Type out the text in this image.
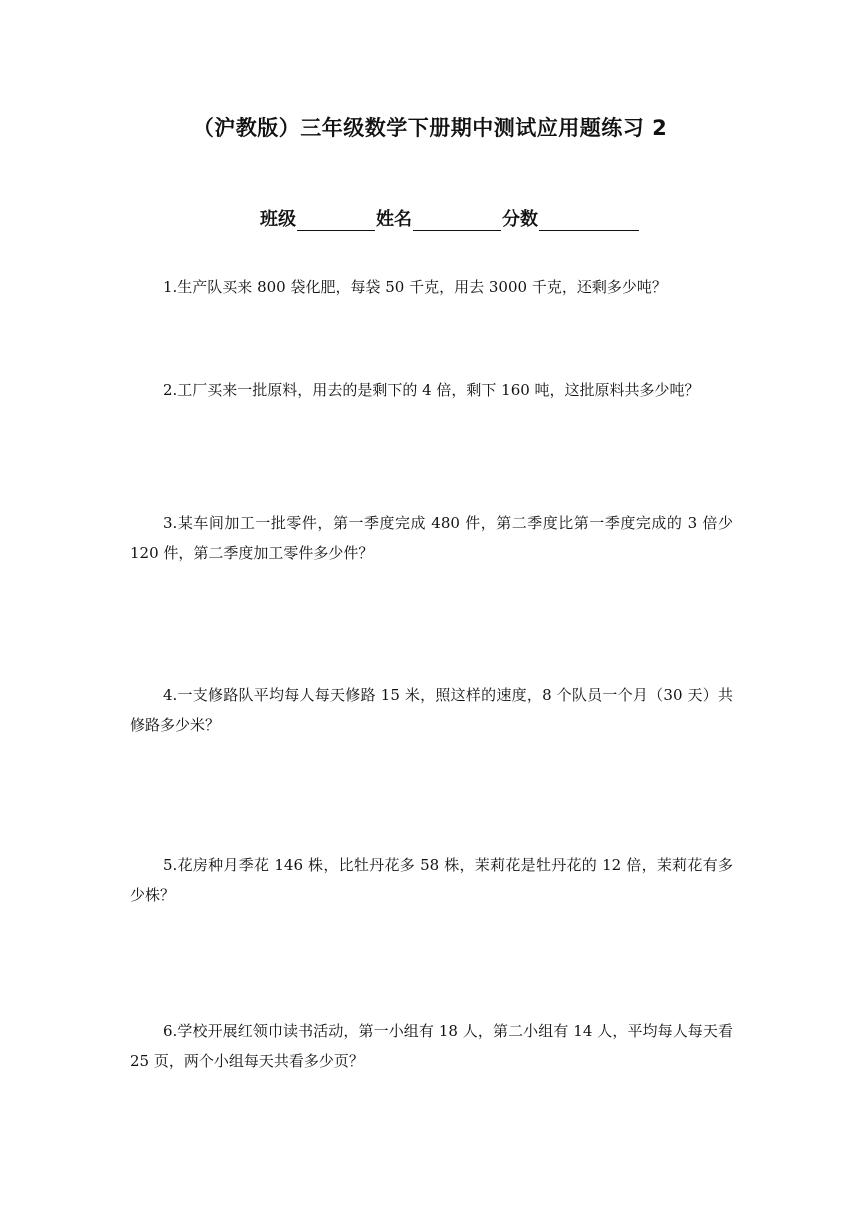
（沪教版）三年级数学下册期中测试应用题练习 2
班级	姓名	分数
1.生产队买来 800 袋化肥，每袋 50 千克，用去 3000 千克，还剩多少吨？
2.工厂买来一批原料，用去的是剩下的 4 倍，剩下 160 吨，这批原料共多少吨？
3.某车间加工一批零件，第一季度完成 480 件，第二季度比第一季度完成的 3 倍少 120 件，第二季度加工零件多少件？
4.一支修路队平均每人每天修路 15 米，照这样的速度，8 个队员一个月（30 天）共修路多少米？
5.花房种月季花 146 株，比牡丹花多 58 株，茉莉花是牡丹花的 12 倍，茉莉花有多少株？
6.学校开展红领巾读书活动，第一小组有 18 人，第二小组有 14 人，平均每人每天看 25 页，两个小组每天共看多少页？
